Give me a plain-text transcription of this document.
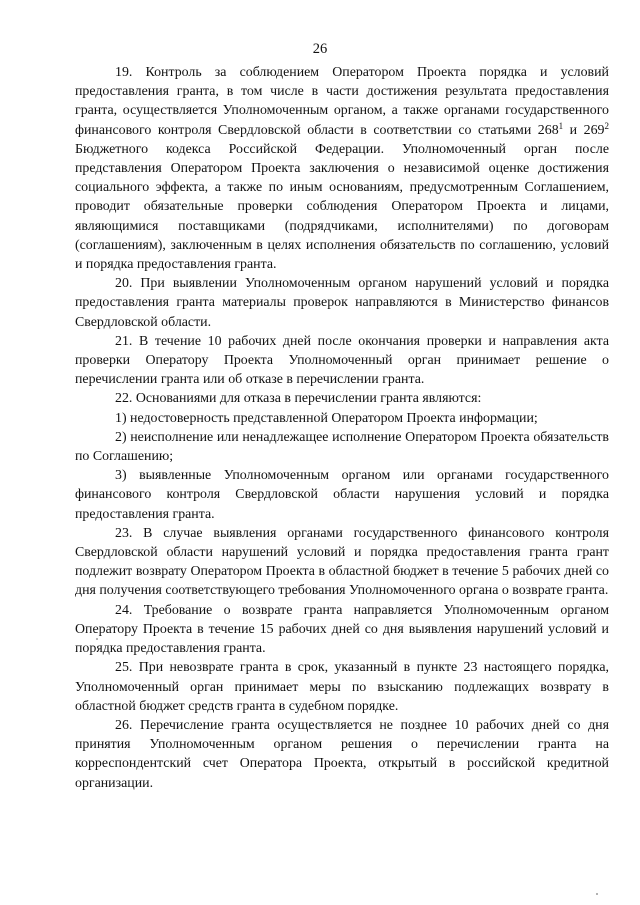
26

19. Контроль за соблюдением Оператором Проекта порядка и условий предоставления гранта, в том числе в части достижения результата предоставления гранта, осуществляется Уполномоченным органом, а также органами государственного финансового контроля Свердловской области в соответствии со статьями $268^1$ и $269^2$ Бюджетного кодекса Российской Федерации. Уполномоченный орган после представления Оператором Проекта заключения о независимой оценке достижения социального эффекта, а также по иным основаниям, предусмотренным Соглашением, проводит обязательные проверки соблюдения Оператором Проекта и лицами, являющимися поставщиками (подрядчиками, исполнителями) по договорам (соглашениям), заключенным в целях исполнения обязательств по соглашению, условий и порядка предоставления гранта.

20. При выявлении Уполномоченным органом нарушений условий и порядка предоставления гранта материалы проверок направляются в Министерство финансов Свердловской области.

21. В течение 10 рабочих дней после окончания проверки и направления акта проверки Оператору Проекта Уполномоченный орган принимает решение о перечислении гранта или об отказе в перечислении гранта.

22. Основаниями для отказа в перечислении гранта являются:

1) недостоверность представленной Оператором Проекта информации;

2) неисполнение или ненадлежащее исполнение Оператором Проекта обязательств по Соглашению;

3) выявленные Уполномоченным органом или органами государственного финансового контроля Свердловской области нарушения условий и порядка предоставления гранта.

23. В случае выявления органами государственного финансового контроля Свердловской области нарушений условий и порядка предоставления гранта грант подлежит возврату Оператором Проекта в областной бюджет в течение 5 рабочих дней со дня получения соответствующего требования Уполномоченного органа о возврате гранта.

24. Требование о возврате гранта направляется Уполномоченным органом Оператору Проекта в течение 15 рабочих дней со дня выявления нарушений условий и порядка предоставления гранта.

25. При невозврате гранта в срок, указанный в пункте 23 настоящего порядка, Уполномоченный орган принимает меры по взысканию подлежащих возврату в областной бюджет средств гранта в судебном порядке.

26. Перечисление гранта осуществляется не позднее 10 рабочих дней со дня принятия Уполномоченным органом решения о перечислении гранта на корреспондентский счет Оператора Проекта, открытый в российской кредитной организации.
